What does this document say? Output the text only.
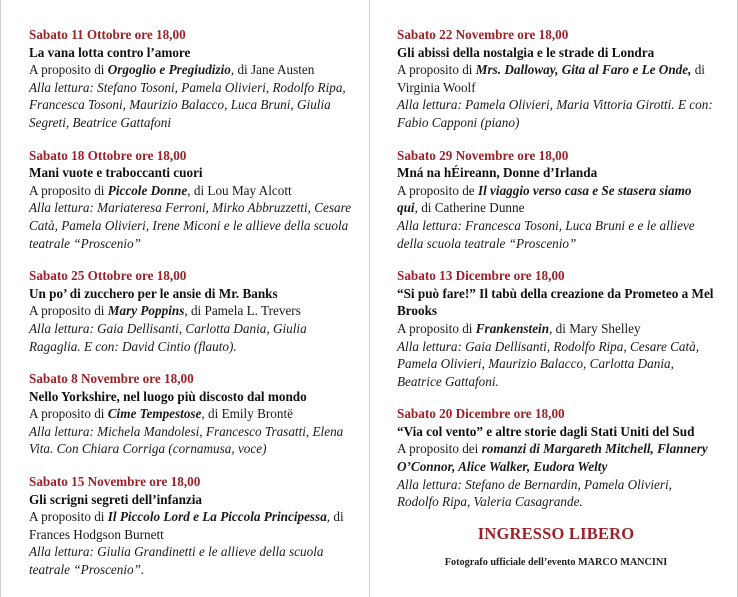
Sabato 11 Ottobre ore 18,00
La vana lotta contro l’amore
A proposito di Orgoglio e Pregiudizio, di Jane Austen
Alla lettura: Stefano Tosoni, Pamela Olivieri, Rodolfo Ripa, Francesca Tosoni, Maurizio Balacco, Luca Bruni, Giulia Segreti, Beatrice Gattafoni
Sabato 18 Ottobre ore 18,00
Mani vuote e traboccanti cuori
A proposito di Piccole Donne, di Lou May Alcott
Alla lettura: Mariateresa Ferroni, Mirko Abbruzzetti, Cesare Catà, Pamela Olivieri, Irene Miconi e le allieve della scuola teatrale “Proscenio”
Sabato 25 Ottobre ore 18,00
Un po’ di zucchero per le ansie di Mr. Banks
A proposito di Mary Poppins, di Pamela L. Trevers
Alla lettura: Gaia Dellisanti, Carlotta Dania, Giulia Ragaglia. E con: David Cintio (flauto).
Sabato 8 Novembre ore 18,00
Nello Yorkshire, nel luogo più discosto dal mondo
A proposito di Cime Tempestose, di Emily Brontë
Alla lettura: Michela Mandolesi, Francesco Trasatti, Elena Vita. Con Chiara Corriga (cornamusa, voce)
Sabato 15 Novembre ore 18,00
Gli scrigni segreti dell’infanzia
A proposito di Il Piccolo Lord e La Piccola Principessa, di Frances Hodgson Burnett
Alla lettura: Giulia Grandinetti e le allieve della scuola teatrale “Proscenio”.
Sabato 22 Novembre ore 18,00
Gli abissi della nostalgia e le strade di Londra
A proposito di Mrs. Dalloway, Gita al Faro e Le Onde, di Virginia Woolf
Alla lettura: Pamela Olivieri, Maria Vittoria Girotti. E con: Fabio Capponi (piano)
Sabato 29 Novembre ore 18,00
Mná na hÉireann, Donne d’Irlanda
A proposito de Il viaggio verso casa e Se stasera siamo qui, di Catherine Dunne
Alla lettura: Francesca Tosoni, Luca Bruni e e le allieve della scuola teatrale “Proscenio”
Sabato 13 Dicembre ore 18,00
“Si può fare!” Il tabù della creazione da Prometeo a Mel Brooks
A proposito di Frankenstein, di Mary Shelley
Alla lettura: Gaia Dellisanti, Rodolfo Ripa, Cesare Catà, Pamela Olivieri, Maurizio Balacco, Carlotta Dania, Beatrice Gattafoni.
Sabato 20 Dicembre ore 18,00
“Via col vento” e altre storie dagli Stati Uniti del Sud
A proposito dei romanzi di Margareth Mitchell, Flannery O’Connor, Alice Walker, Eudora Welty
Alla lettura: Stefano de Bernardin, Pamela Olivieri, Rodolfo Ripa, Valeria Casagrande.
INGRESSO LIBERO
Fotografo ufficiale dell’evento MARCO MANCINI
